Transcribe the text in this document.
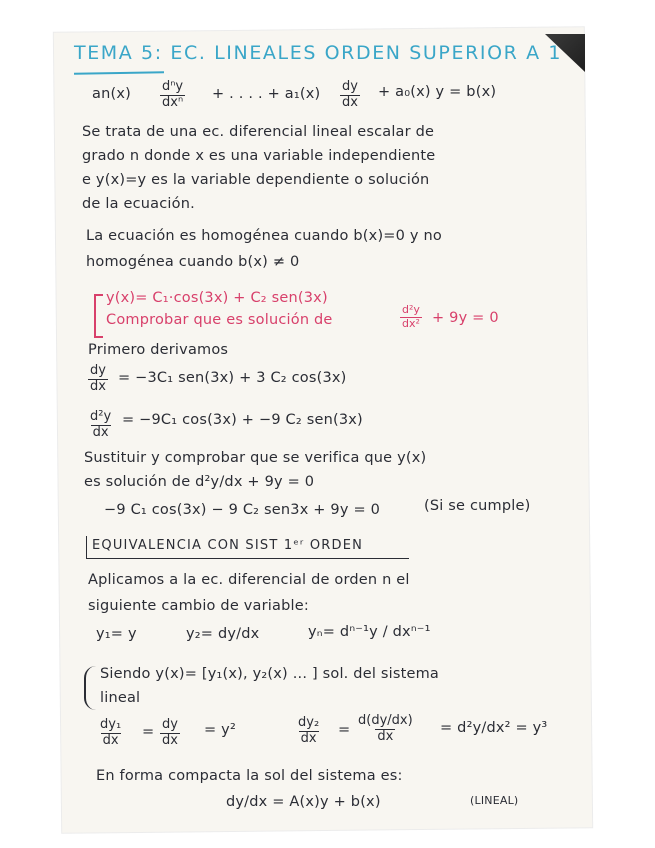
TEMA 5: EC. LINEALES ORDEN SUPERIOR A 1
an(x) dⁿy
dxⁿ
+ . . . . + $a_1(x) \frac{dy}{dx} + a_0(x) y = b(x)$
Se trata de una ec. diferencial lineal escalar de
grado n donde x es una variable independiente
e y(x)=y es la variable dependiente o solución
de la ecuación.
La ecuación es homogénea cuando b(x)=0 y no
homogénea cuando b(x) ≠ 0
y(x)= C₁·cos(3x) + C₂ sen(3x)
Comprobar que es solución de	$\frac{\text{d²y}}{\text{dx²}} + 9y = 0$
Primero derivamos
$\frac{dy}{dx} = -3C_1$ sen(3x) + 3 C₂ cos(3x)
$\frac{\text{d²y}}{dx} = -9C_1$ cos(3x) + −9 C₂ sen(3x)
Sustituir y comprobar que se verifica que y(x)
es solución de d²y/dx + 9y = 0
−9 C₁ cos(3x) − 9 C₂ sen3x + 9y = 0	(Si se cumple)
EQUIVALENCIA CON SIST 1ᵉʳ ORDEN
Aplicamos a la ec. diferencial de orden n el
siguiente cambio de variable:
y₁= y	y₂= dy/dx	yₙ= dⁿ⁻¹y / dxⁿ⁻¹
Siendo y(x)= [y₁(x), y₂(x) ... ] sol. del sistema
lineal
$\frac{\text{dy₁}}{dx} = \frac{dy}{dx} = y^2$	$\frac{\text{dy₂}}{dx} = \frac{d(dy/dx)}{dx} = d^2y/dx^2 = y^3$
En forma compacta la sol del sistema es:
dy/dx = A(x)y + b(x)	(LINEAL)
